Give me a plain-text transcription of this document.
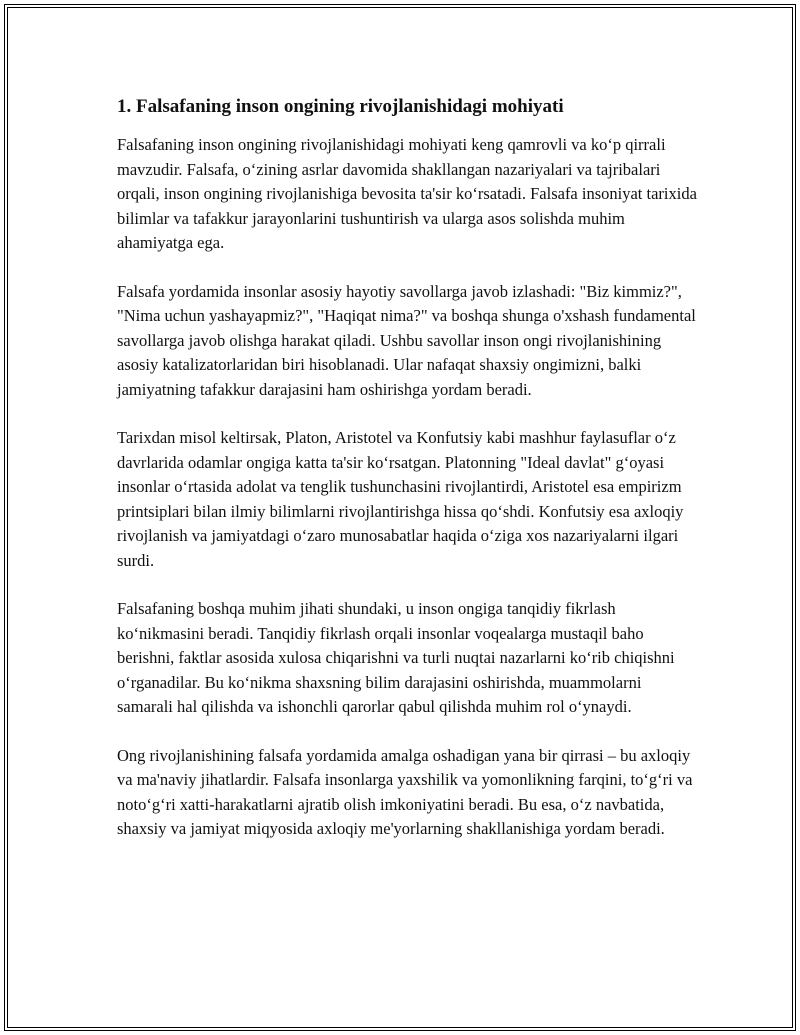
1. Falsafaning inson ongining rivojlanishidagi mohiyati

Falsafaning inson ongining rivojlanishidagi mohiyati keng qamrovli va ko‘p qirrali mavzudir. Falsafa, o‘zining asrlar davomida shakllangan nazariyalari va tajribalari orqali, inson ongining rivojlanishiga bevosita ta'sir ko‘rsatadi. Falsafa insoniyat tarixida bilimlar va tafakkur jarayonlarini tushuntirish va ularga asos solishda muhim ahamiyatga ega.

Falsafa yordamida insonlar asosiy hayotiy savollarga javob izlashadi: "Biz kimmiz?", "Nima uchun yashayapmiz?", "Haqiqat nima?" va boshqa shunga o'xshash fundamental savollarga javob olishga harakat qiladi. Ushbu savollar inson ongi rivojlanishining asosiy katalizatorlaridan biri hisoblanadi. Ular nafaqat shaxsiy ongimizni, balki jamiyatning tafakkur darajasini ham oshirishga yordam beradi.

Tarixdan misol keltirsak, Platon, Aristotel va Konfutsiy kabi mashhur faylasuflar o‘z davrlarida odamlar ongiga katta ta'sir ko‘rsatgan. Platonning "Ideal davlat" g‘oyasi insonlar o‘rtasida adolat va tenglik tushunchasini rivojlantirdi, Aristotel esa empirizm printsiplari bilan ilmiy bilimlarni rivojlantirishga hissa qo‘shdi. Konfutsiy esa axloqiy rivojlanish va jamiyatdagi o‘zaro munosabatlar haqida o‘ziga xos nazariyalarni ilgari surdi.

Falsafaning boshqa muhim jihati shundaki, u inson ongiga tanqidiy fikrlash ko‘nikmasini beradi. Tanqidiy fikrlash orqali insonlar voqealarga mustaqil baho berishni, faktlar asosida xulosa chiqarishni va turli nuqtai nazarlarni ko‘rib chiqishni o‘rganadilar. Bu ko‘nikma shaxsning bilim darajasini oshirishda, muammolarni samarali hal qilishda va ishonchli qarorlar qabul qilishda muhim rol o‘ynaydi.

Ong rivojlanishining falsafa yordamida amalga oshadigan yana bir qirrasi – bu axloqiy va ma'naviy jihatlardir. Falsafa insonlarga yaxshilik va yomonlikning farqini, to‘g‘ri va noto‘g‘ri xatti-harakatlarni ajratib olish imkoniyatini beradi. Bu esa, o‘z navbatida, shaxsiy va jamiyat miqyosida axloqiy me'yorlarning shakllanishiga yordam beradi.
